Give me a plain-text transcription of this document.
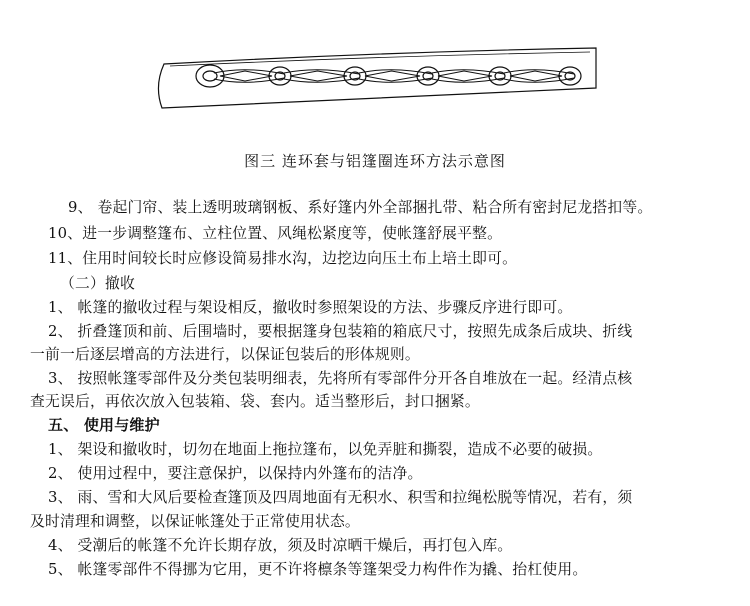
图三 连环套与铝篷圈连环方法示意图
9、 卷起门帘、装上透明玻璃钢板、系好篷内外全部捆扎带、粘合所有密封尼龙搭扣等。
10、进一步调整篷布、立柱位置、风绳松紧度等，使帐篷舒展平整。
11、住用时间较长时应修设简易排水沟，边挖边向压土布上培土即可。
（二）撤收
1、 帐篷的撤收过程与架设相反，撤收时参照架设的方法、步骤反序进行即可。
2、 折叠篷顶和前、后围墙时，要根据篷身包装箱的箱底尺寸，按照先成条后成块、折线
一前一后逐层增高的方法进行，以保证包装后的形体规则。
3、 按照帐篷零部件及分类包装明细表，先将所有零部件分开各自堆放在一起。经清点核
查无误后，再依次放入包装箱、袋、套内。适当整形后，封口捆紧。
五、 使用与维护
1、 架设和撤收时，切勿在地面上拖拉篷布，以免弄脏和撕裂，造成不必要的破损。
2、 使用过程中，要注意保护，以保持内外篷布的洁净。
3、 雨、雪和大风后要检查篷顶及四周地面有无积水、积雪和拉绳松脱等情况，若有，须
及时清理和调整，以保证帐篷处于正常使用状态。
4、 受潮后的帐篷不允许长期存放，须及时凉晒干燥后，再打包入库。
5、 帐篷零部件不得挪为它用，更不许将檩条等篷架受力构件作为撬、抬杠使用。
